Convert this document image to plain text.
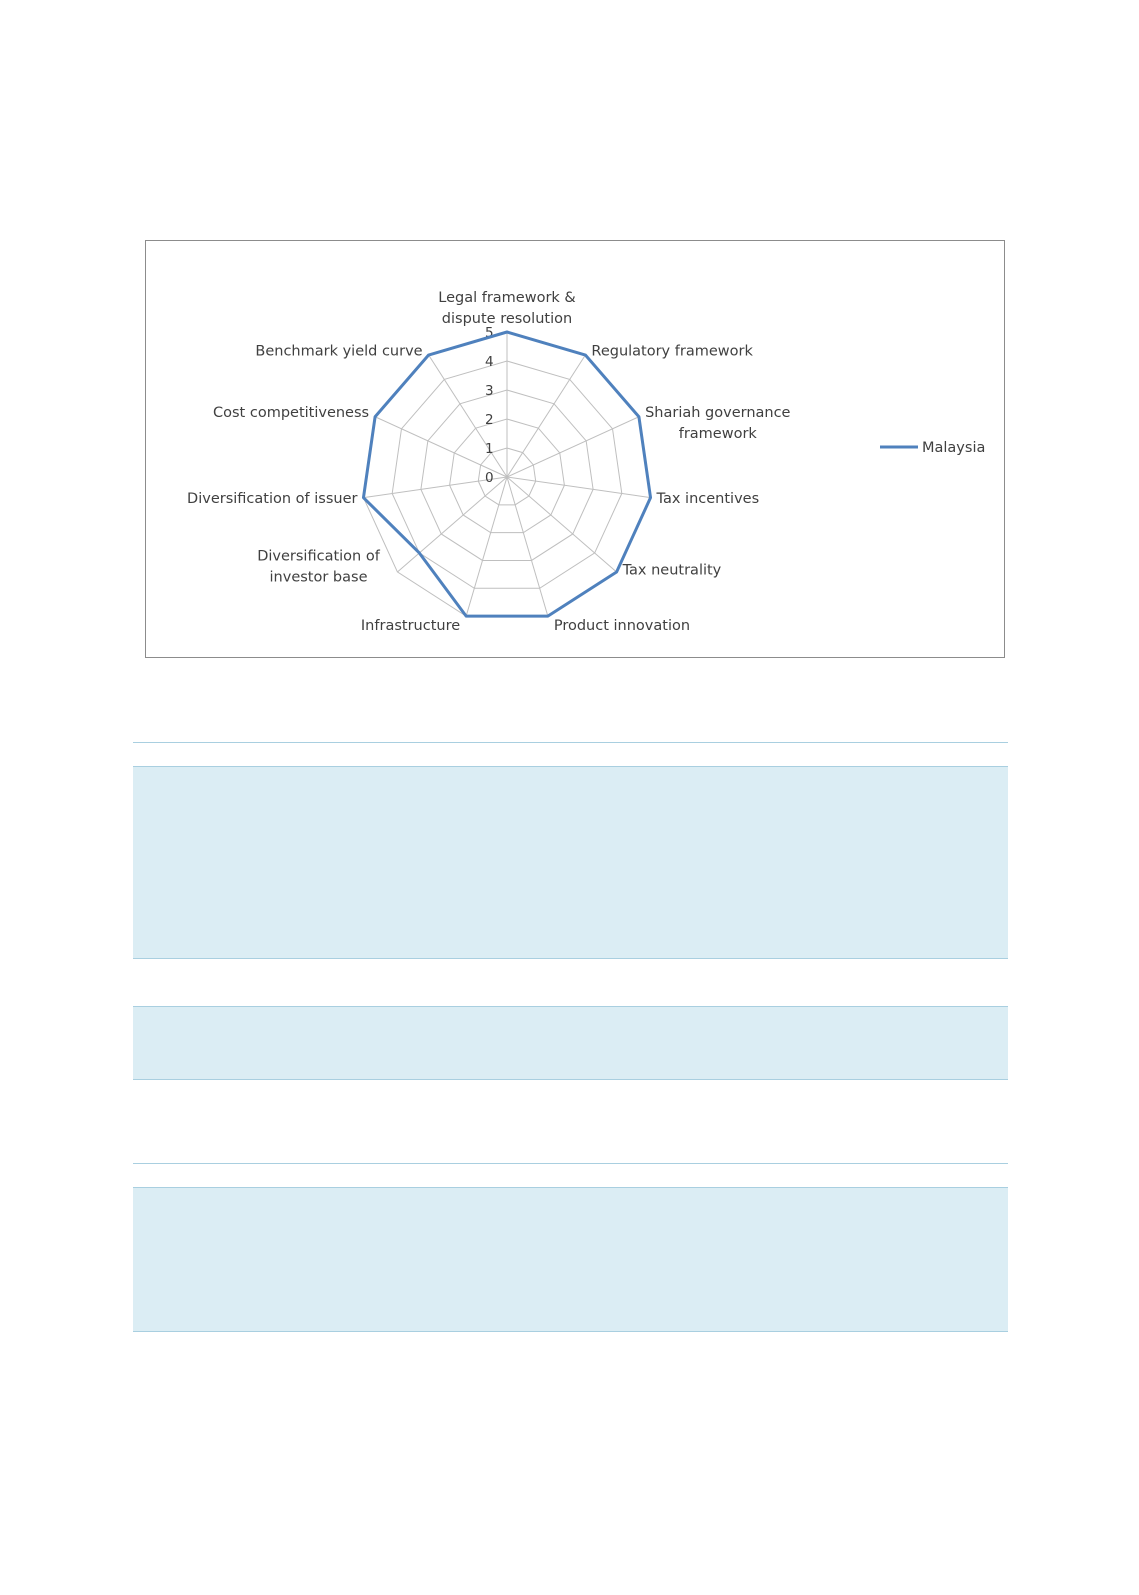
0
1
2
3
4
5
Legal framework & dispute resolution
Regulatory framework
Shariah governance framework
Tax incentives
Tax neutrality
Product innovation
Infrastructure
Diversification of investor base
Diversification of issuer
Cost competitiveness
Benchmark yield curve
Malaysia
